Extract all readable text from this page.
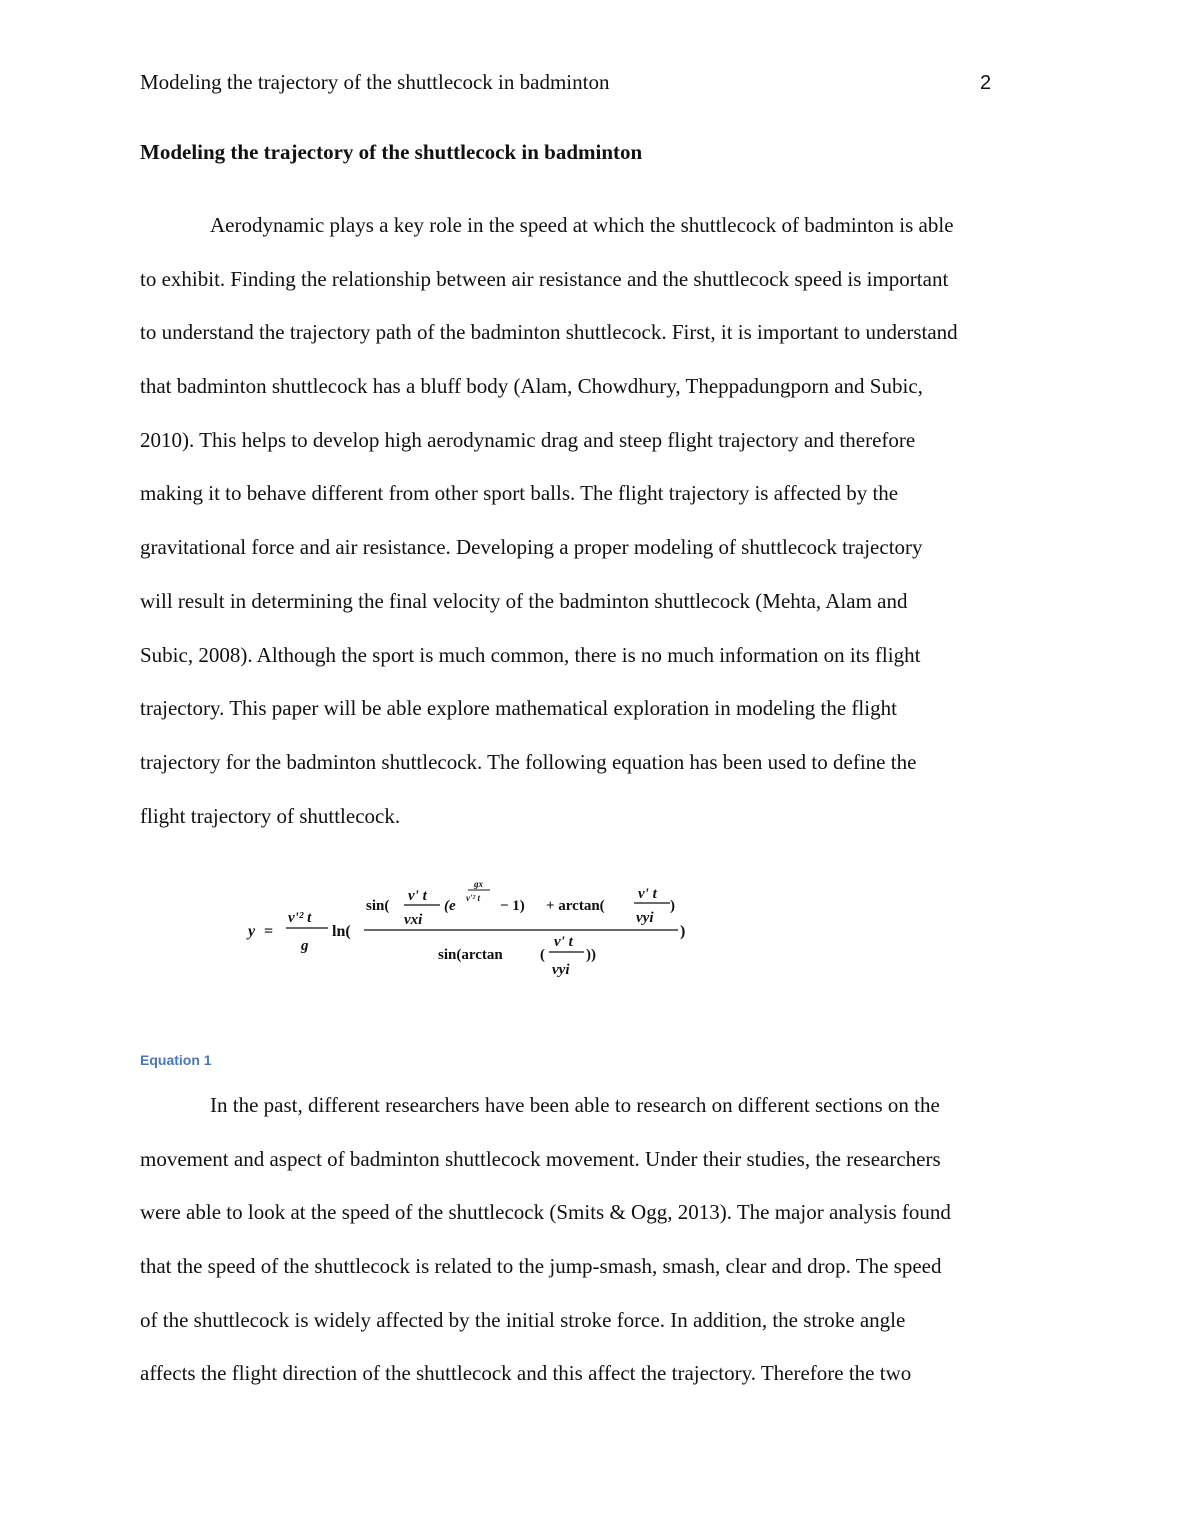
Modeling the trajectory of the shuttlecock in badminton	2
Modeling the trajectory of the shuttlecock in badminton
Aerodynamic plays a key role in the speed at which the shuttlecock of badminton is able
to exhibit. Finding the relationship between air resistance and the shuttlecock speed is important
to understand the trajectory path of the badminton shuttlecock. First, it is important to understand
that badminton shuttlecock has a bluff body (Alam, Chowdhury, Theppadungporn and Subic,
2010). This helps to develop high aerodynamic drag and steep flight trajectory and therefore
making it to behave different from other sport balls. The flight trajectory is affected by the
gravitational force and air resistance. Developing a proper modeling of shuttlecock trajectory
will result in determining the final velocity of the badminton shuttlecock (Mehta, Alam and
Subic, 2008). Although the sport is much common, there is no much information on its flight
trajectory. This paper will be able explore mathematical exploration in modeling the flight
trajectory for the badminton shuttlecock. The following equation has been used to define the
flight trajectory of shuttlecock.
y =
v'² t
g
ln(
sin(
v' t
vxi
(e
gx
v'² t − 1) + arctan(
v' t
vyi
)
)
sin(arctan (
v' t
vyi
))
Equation 1
In the past, different researchers have been able to research on different sections on the
movement and aspect of badminton shuttlecock movement. Under their studies, the researchers
were able to look at the speed of the shuttlecock (Smits & Ogg, 2013). The major analysis found
that the speed of the shuttlecock is related to the jump-smash, smash, clear and drop. The speed
of the shuttlecock is widely affected by the initial stroke force. In addition, the stroke angle
affects the flight direction of the shuttlecock and this affect the trajectory. Therefore the two
